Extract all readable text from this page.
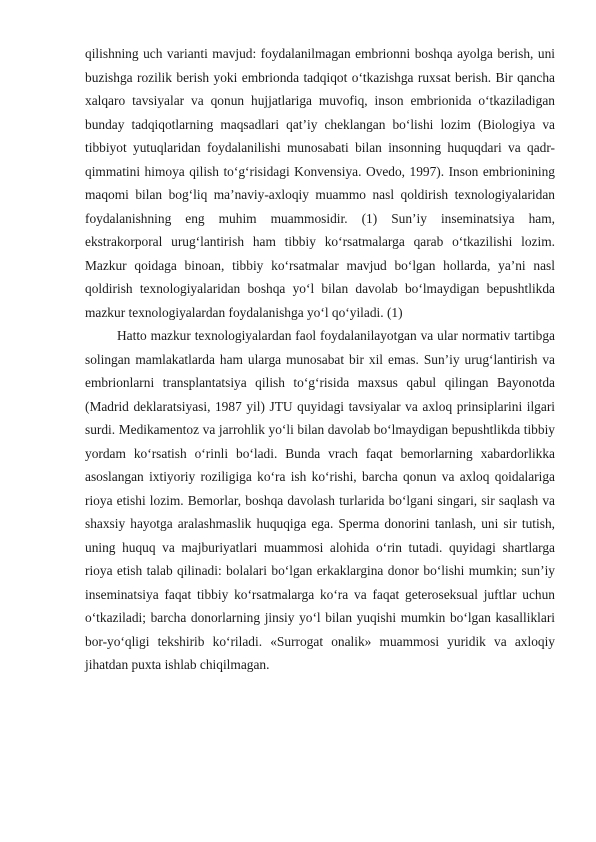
qilishning uch varianti mavjud: foydalanilmagan embrionni boshqa ayolga berish, uni buzishga rozilik berish yoki embrionda tadqiqot o‘tkazishga ruxsat berish. Bir qancha xalqaro tavsiyalar va qonun hujjatlariga muvofiq, inson embrionida o‘tkaziladigan bunday tadqiqotlarning maqsadlari qat’iy cheklangan bo‘lishi lozim (Biologiya va tibbiyot yutuqlaridan foydalanilishi munosabati bilan insonning huquqdari va qadr-qimmatini himoya qilish to‘g‘risidagi Konvensiya. Ovedo, 1997). Inson embrionining maqomi bilan bog‘liq ma’naviy-axloqiy muammo nasl qoldirish texnologiyalaridan foydalanishning eng muhim muammosidir. (1) Sun’iy inseminatsiya ham, ekstrakorporal urug‘lantirish ham tibbiy ko‘rsatmalarga qarab o‘tkazilishi lozim. Mazkur qoidaga binoan, tibbiy ko‘rsatmalar mavjud bo‘lgan hollarda, ya’ni nasl qoldirish texnologiyalaridan boshqa yo‘l bilan davolab bo‘lmaydigan bepushtlikda mazkur texnologiyalardan foydalanishga yo‘l qo‘yiladi. (1)

Hatto mazkur texnologiyalardan faol foydalanilayotgan va ular normativ tartibga solingan mamlakatlarda ham ularga munosabat bir xil emas. Sun’iy urug‘lantirish va embrionlarni transplantatsiya qilish to‘g‘risida maxsus qabul qilingan Bayonotda (Madrid deklaratsiyasi, 1987 yil) JTU quyidagi tavsiyalar va axloq prinsiplarini ilgari surdi. Medikamentoz va jarrohlik yo‘li bilan davolab bo‘lmaydigan bepushtlikda tibbiy yordam ko‘rsatish o‘rinli bo‘ladi. Bunda vrach faqat bemorlarning xabardorlikka asoslangan ixtiyoriy roziligiga ko‘ra ish ko‘rishi, barcha qonun va axloq qoidalariga rioya etishi lozim. Bemorlar, boshqa davolash turlarida bo‘lgani singari, sir saqlash va shaxsiy hayotga aralashmaslik huquqiga ega. Sperma donorini tanlash, uni sir tutish, uning huquq va majburiyatlari muammosi alohida o‘rin tutadi. quyidagi shartlarga rioya etish talab qilinadi: bolalari bo‘lgan erkaklargina donor bo‘lishi mumkin; sun’iy inseminatsiya faqat tibbiy ko‘rsatmalarga ko‘ra va faqat geteroseksual juftlar uchun o‘tkaziladi; barcha donorlarning jinsiy yo‘l bilan yuqishi mumkin bo‘lgan kasalliklari bor-yo‘qligi tekshirib ko‘riladi. «Surrogat onalik» muammosi yuridik va axloqiy jihatdan puxta ishlab chiqilmagan.
